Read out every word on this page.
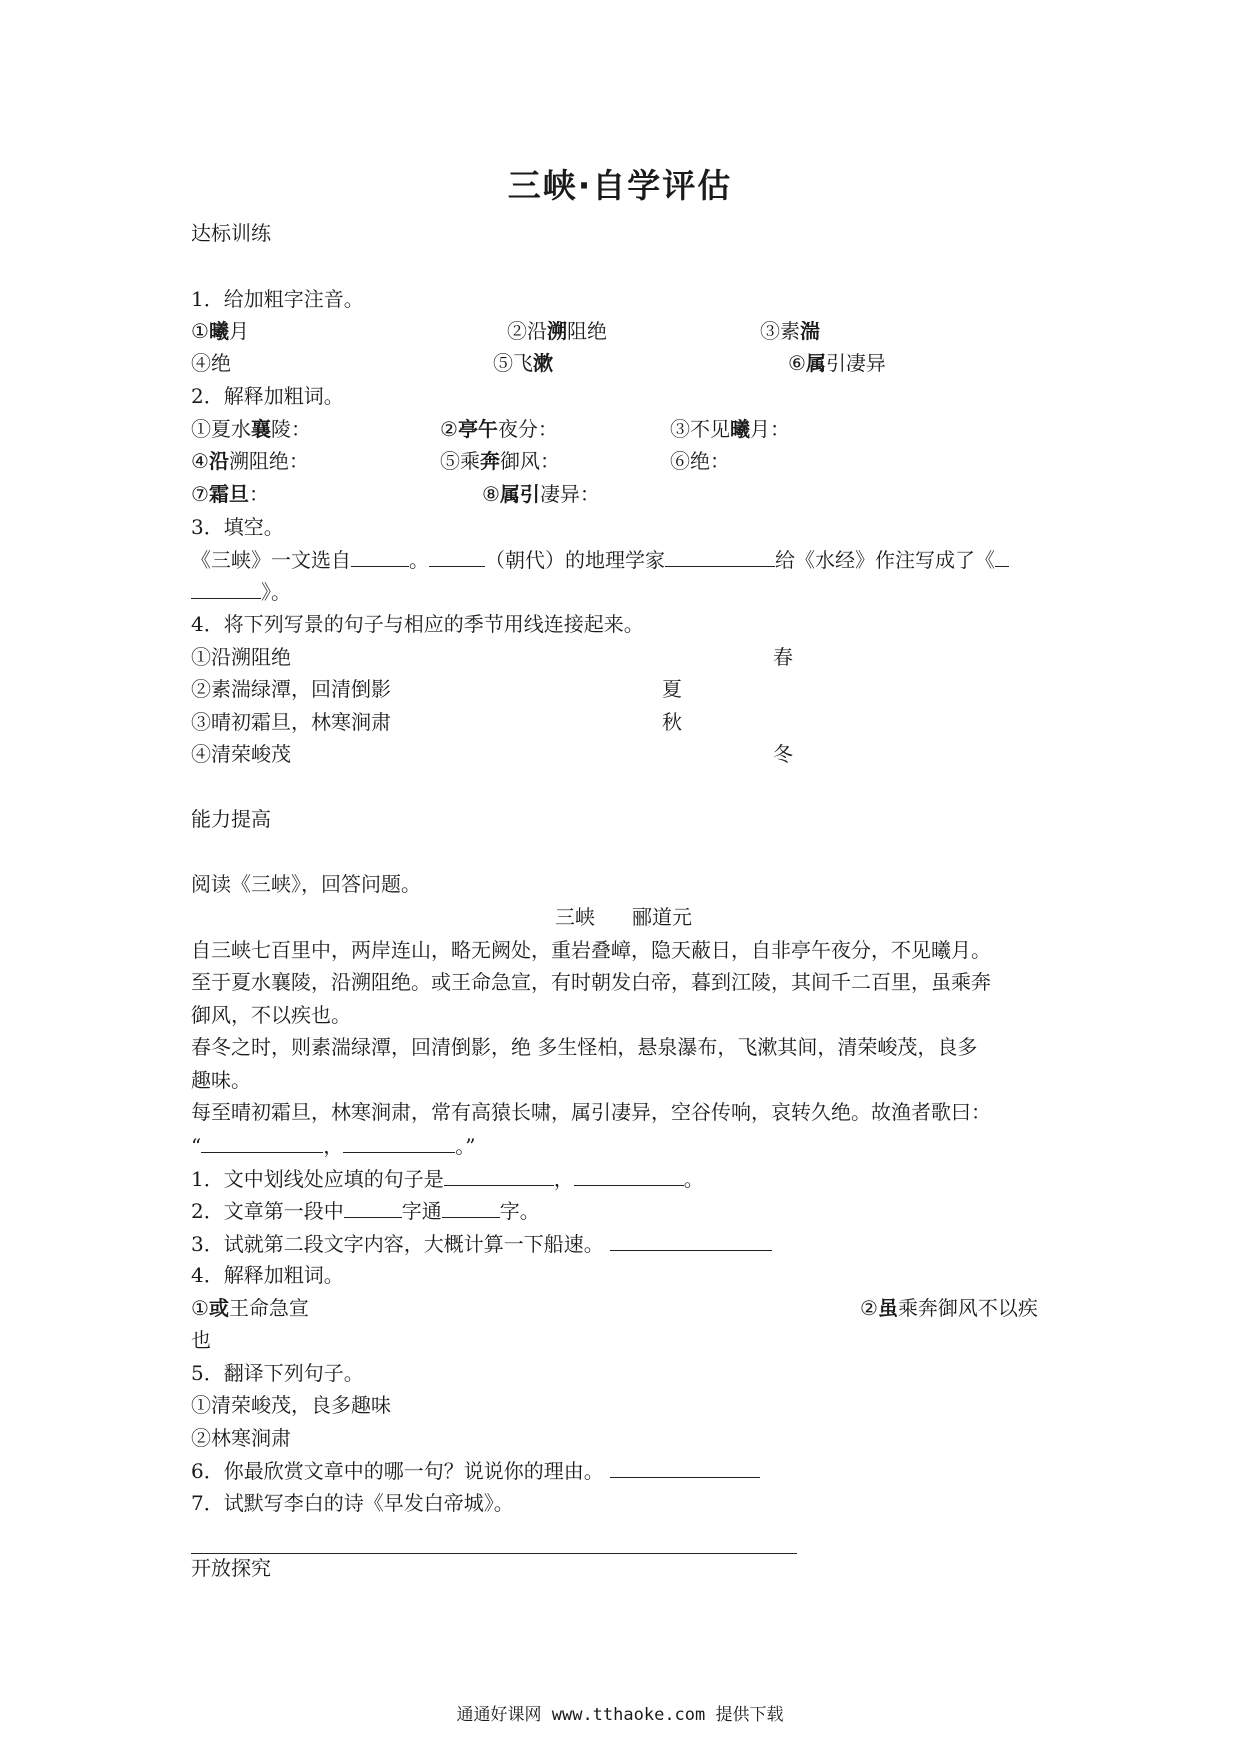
三峡·自学评估
达标训练
1．给加粗字注音。
①曦月	②沿溯阻绝	③素湍
④绝	⑤飞漱	⑥属引凄异
2．解释加粗词。
①夏水襄陵：	②亭午夜分：	③不见曦月：
④沿溯阻绝：	⑤乘奔御风：	⑥绝：
⑦霜旦：	⑧属引凄异：
3．填空。
《三峡》一文选自	。	（朝代）的地理学家	给《水经》作注写成了《
》。
4．将下列写景的句子与相应的季节用线连接起来。
①沿溯阻绝	春
②素湍绿潭，回清倒影	夏
③晴初霜旦，林寒涧肃	秋
④清荣峻茂	冬
能力提高
阅读《三峡》，回答问题。
三峡 郦道元
自三峡七百里中，两岸连山，略无阙处，重岩叠嶂，隐天蔽日，自非亭午夜分，不见曦月。
至于夏水襄陵，沿溯阻绝。或王命急宣，有时朝发白帝，暮到江陵，其间千二百里，虽乘奔
御风，不以疾也。
春冬之时，则素湍绿潭，回清倒影，绝 多生怪柏，悬泉瀑布，飞漱其间，清荣峻茂，良多
趣味。
每至晴初霜旦，林寒涧肃，常有高猿长啸，属引凄异，空谷传响，哀转久绝。故渔者歌曰：
“	，	。”
1．文中划线处应填的句子是	，	。
2．文章第一段中	字通	字。
3．试就第二段文字内容，大概计算一下船速。
4．解释加粗词。
①或王命急宣	②虽乘奔御风不以疾
也
5．翻译下列句子。
①清荣峻茂，良多趣味
②林寒涧肃
6．你最欣赏文章中的哪一句？说说你的理由。
7．试默写李白的诗《早发白帝城》。
开放探究
通通好课网 www.tthaoke.com 提供下载
